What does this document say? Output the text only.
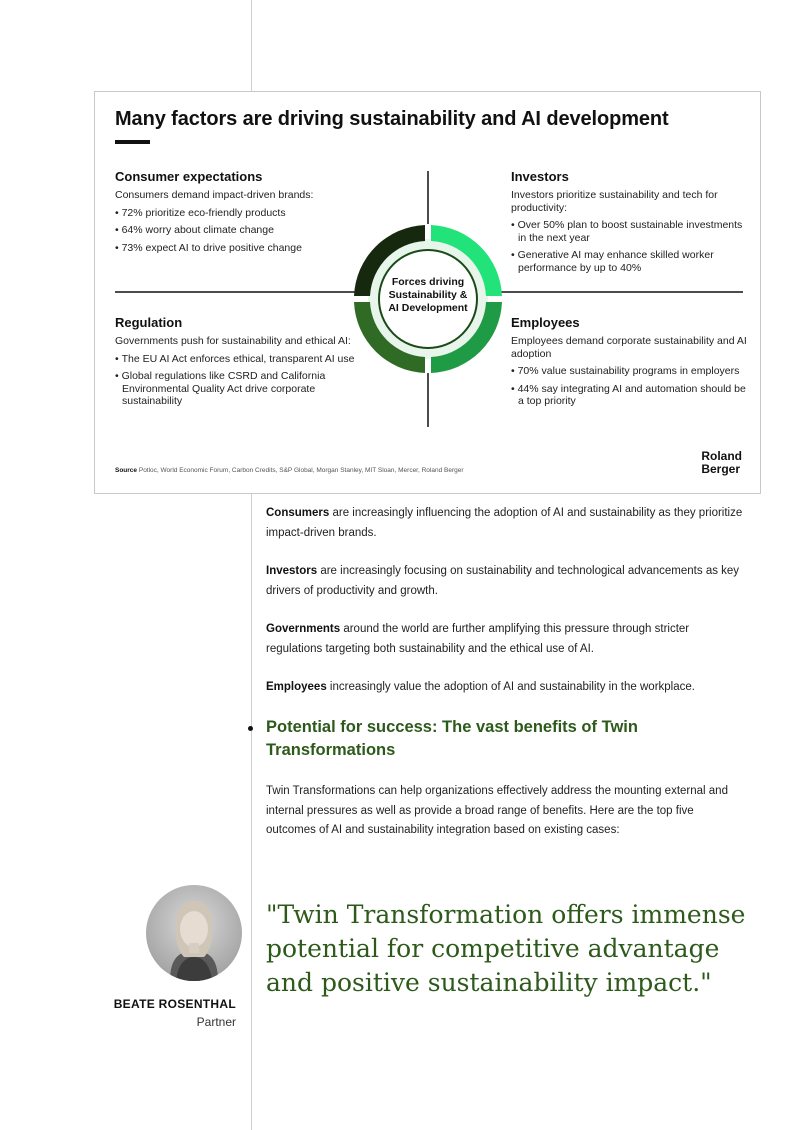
Many factors are driving sustainability and AI development
Forces driving
Sustainability &
AI Development
Consumer expectations

Consumers demand impact-driven brands:

• 72% prioritize eco-friendly products
• 64% worry about climate change
• 73% expect AI to drive positive change
Investors

Investors prioritize sustainability and tech for productivity:

• Over 50% plan to boost sustainable investments in the next year
• Generative AI may enhance skilled worker performance by up to 40%
Regulation

Governments push for sustainability and ethical AI:

• The EU AI Act enforces ethical, transparent AI use
• Global regulations like CSRD and California Environmental Quality Act drive corporate sustainability
Employees

Employees demand corporate sustainability and AI adoption

• 70% value sustainability programs in employers
• 44% say integrating AI and automation should be a top priority
Source Potloc, World Economic Forum, Carbon Credits, S&P Global, Morgan Stanley, MIT Sloan, Mercer, Roland Berger
Roland
Berger

Consumers are increasingly influencing the adoption of AI and sustainability as they prioritize impact-driven brands.

Investors are increasingly focusing on sustainability and technological advancements as key drivers of productivity and growth.

Governments around the world are further amplifying this pressure through stricter regulations targeting both sustainability and the ethical use of AI.

Employees increasingly value the adoption of AI and sustainability in the workplace.

Potential for success: The vast benefits of Twin Transformations

Twin Transformations can help organizations effectively address the mounting external and internal pressures as well as provide a broad range of benefits. Here are the top five outcomes of AI and sustainability integration based on existing cases:

BEATE ROSENTHAL
Partner
"Twin Transformation offers immense potential for competitive advantage and positive sustainability impact."
